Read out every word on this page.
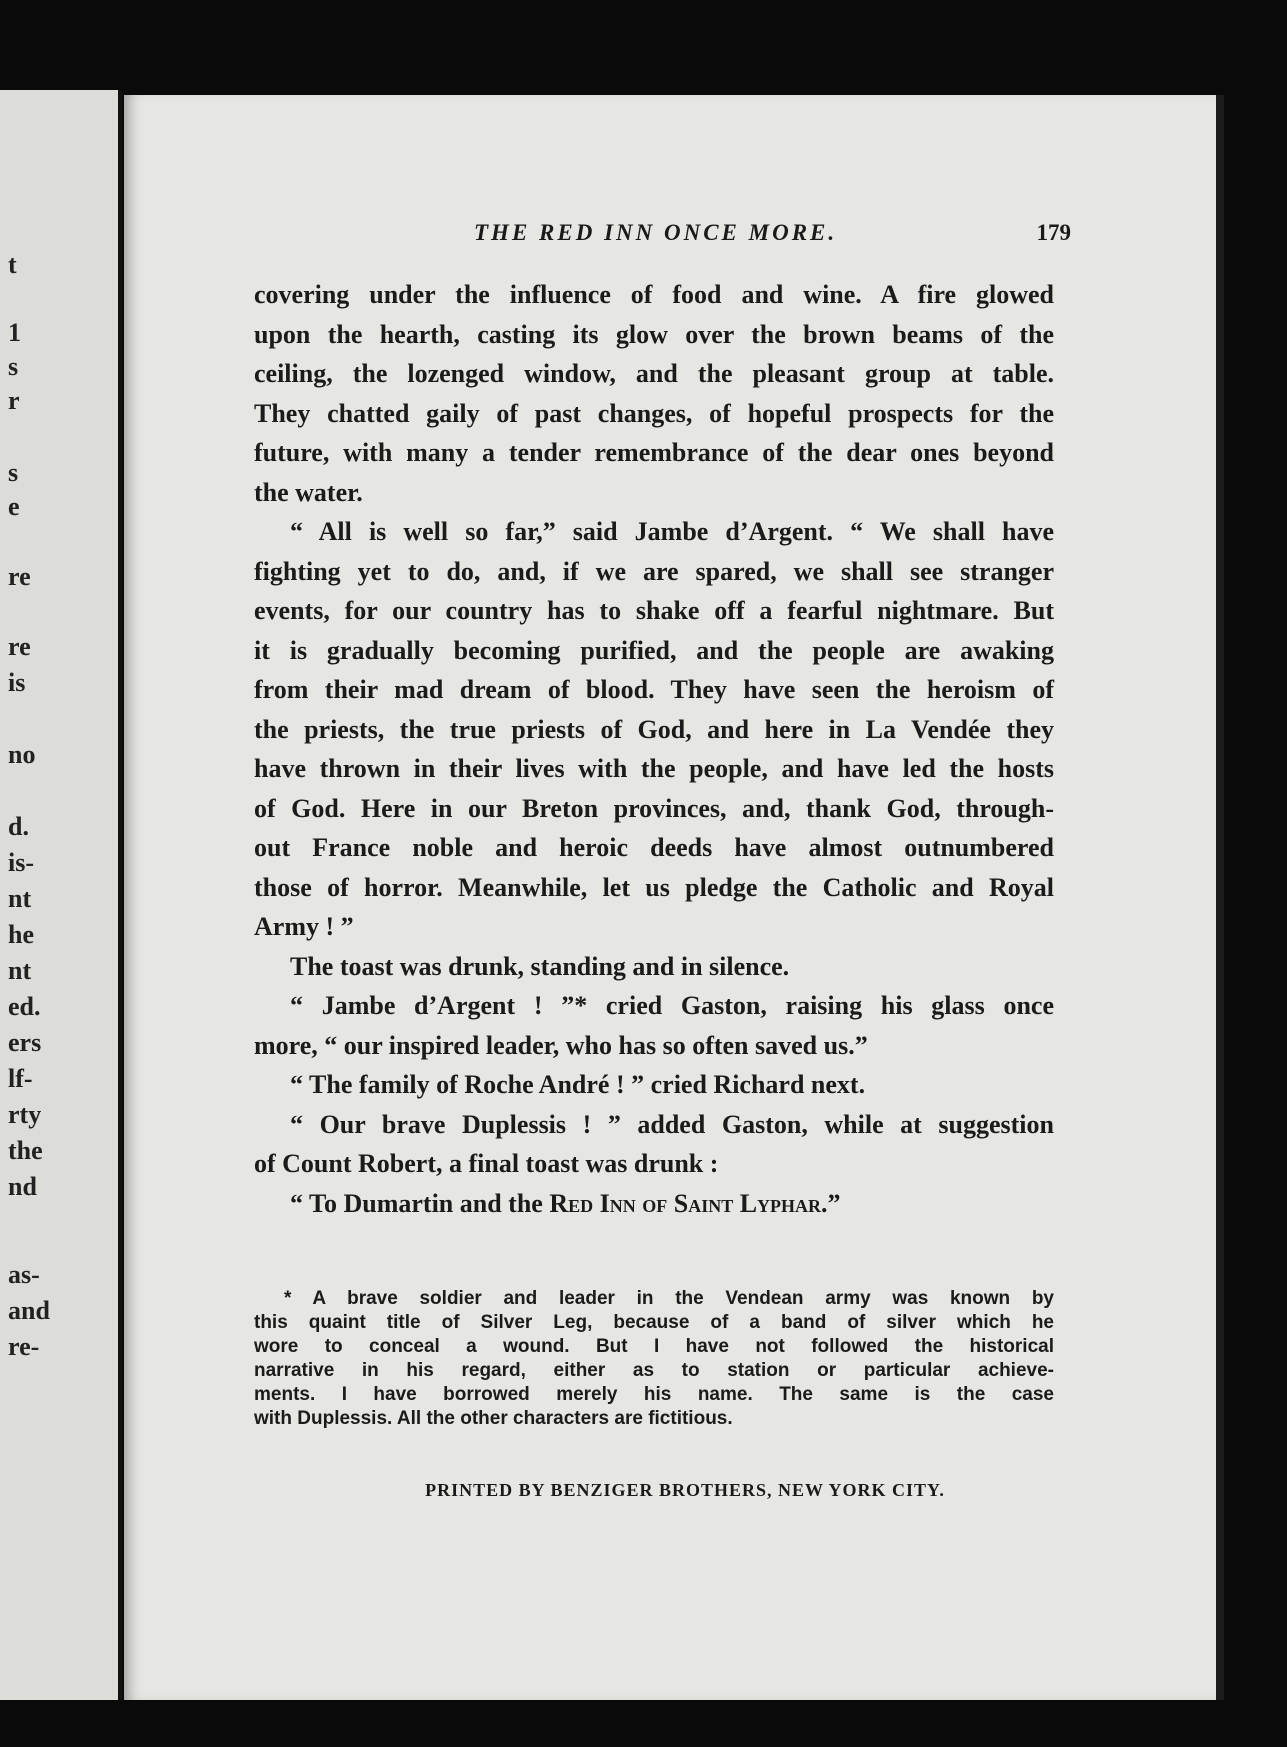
t
1
s
r
s
e
re
re
is
no
d.
is-
nt
he
nt
ed.
ers
lf-
rty
the
nd
as-
and
re-
THE RED INN ONCE MORE.	179
covering under the influence of food and wine. A fire glowed
upon the hearth, casting its glow over the brown beams of the
ceiling, the lozenged window, and the pleasant group at table.
They chatted gaily of past changes, of hopeful prospects for the
future, with many a tender remembrance of the dear ones beyond
the water.
“ All is well so far,” said Jambe d’Argent. “ We shall have
fighting yet to do, and, if we are spared, we shall see stranger
events, for our country has to shake off a fearful nightmare. But
it is gradually becoming purified, and the people are awaking
from their mad dream of blood. They have seen the heroism of
the priests, the true priests of God, and here in La Vendée they
have thrown in their lives with the people, and have led the hosts
of God. Here in our Breton provinces, and, thank God, through-
out France noble and heroic deeds have almost outnumbered
those of horror. Meanwhile, let us pledge the Catholic and Royal
Army ! ”
The toast was drunk, standing and in silence.
“ Jambe d’Argent ! ”* cried Gaston, raising his glass once
more, “ our inspired leader, who has so often saved us.”
“ The family of Roche André ! ” cried Richard next.
“ Our brave Duplessis ! ” added Gaston, while at suggestion
of Count Robert, a final toast was drunk :
“ To Dumartin and the Red Inn of Saint Lyphar.”
* A brave soldier and leader in the Vendean army was known by
this quaint title of Silver Leg, because of a band of silver which he
wore to conceal a wound. But I have not followed the historical
narrative in his regard, either as to station or particular achieve-
ments. I have borrowed merely his name. The same is the case
with Duplessis. All the other characters are fictitious.
PRINTED BY BENZIGER BROTHERS, NEW YORK CITY.
